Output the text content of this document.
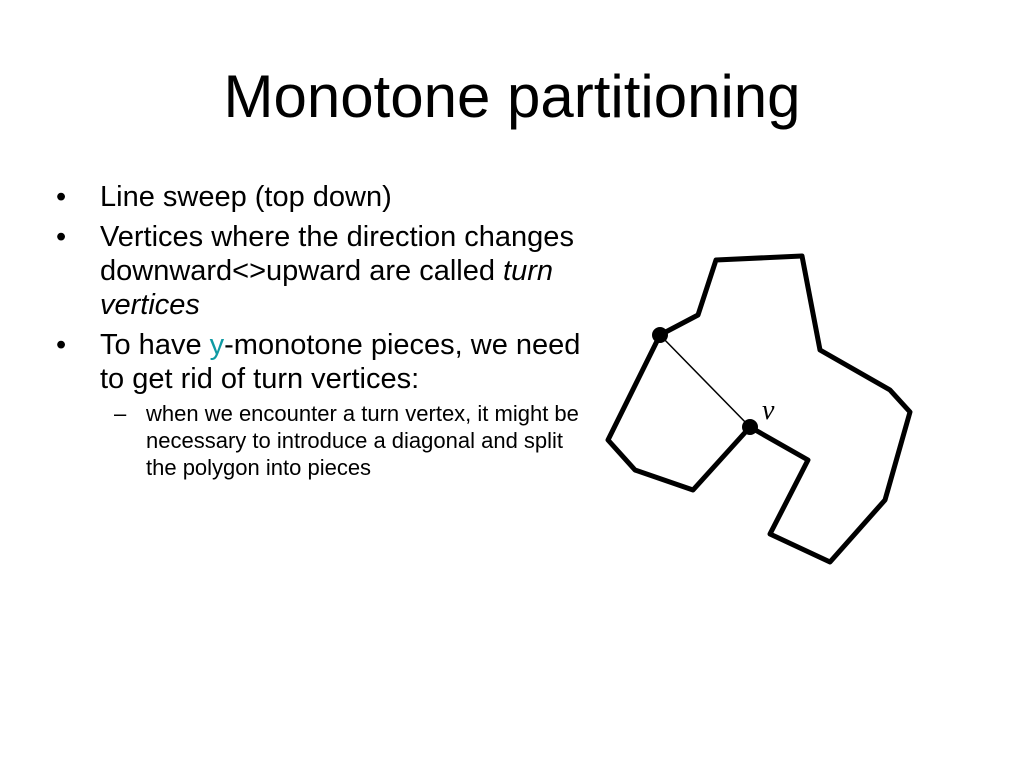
Monotone partitioning
• Line sweep (top down)
• Vertices where the direction changes downward<>upward are called turn vertices
• To have y-monotone pieces, we need to get rid of turn vertices:
– when we encounter a turn vertex, it might be necessary to introduce a diagonal and split the polygon into pieces
v
